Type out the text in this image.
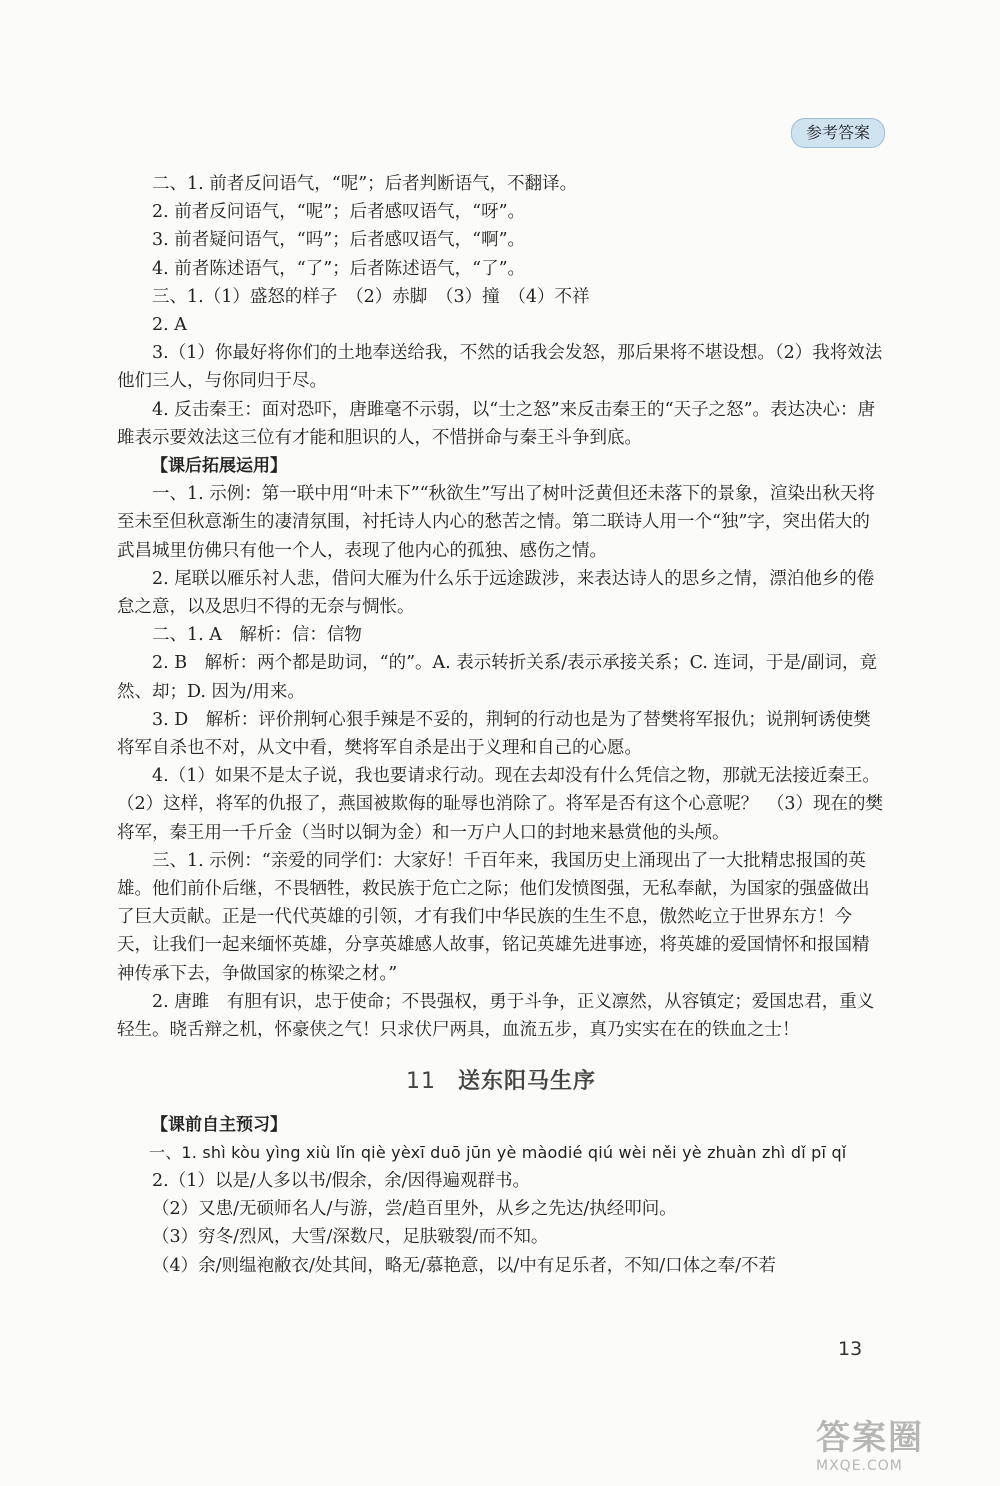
参考答案

二、1. 前者反问语气，“呢”；后者判断语气，不翻译。

2. 前者反问语气，“呢”；后者感叹语气，“呀”。

3. 前者疑问语气，“吗”；后者感叹语气，“啊”。

4. 前者陈述语气，“了”；后者陈述语气，“了”。

三、1.（1）盛怒的样子　（2）赤脚　（3）撞　（4）不祥

2. A

3.（1）你最好将你们的土地奉送给我，不然的话我会发怒，那后果将不堪设想。（2）我将效法他们三人，与你同归于尽。

4. 反击秦王：面对恐吓，唐雎毫不示弱，以“士之怒”来反击秦王的“天子之怒”。表达决心：唐雎表示要效法这三位有才能和胆识的人，不惜拼命与秦王斗争到底。

【课后拓展运用】

一、1. 示例：第一联中用“叶未下”“秋欲生”写出了树叶泛黄但还未落下的景象，渲染出秋天将至未至但秋意渐生的凄清氛围，衬托诗人内心的愁苦之情。第二联诗人用一个“独”字，突出偌大的武昌城里仿佛只有他一个人，表现了他内心的孤独、感伤之情。

2. 尾联以雁乐衬人悲，借问大雁为什么乐于远途跋涉，来表达诗人的思乡之情，漂泊他乡的倦怠之意，以及思归不得的无奈与惆怅。

二、1. A　解析：信：信物

2. B　解析：两个都是助词，“的”。A. 表示转折关系/表示承接关系；C. 连词，于是/副词，竟然、却；D. 因为/用来。

3. D　解析：评价荆轲心狠手辣是不妥的，荆轲的行动也是为了替樊将军报仇；说荆轲诱使樊将军自杀也不对，从文中看，樊将军自杀是出于义理和自己的心愿。

4.（1）如果不是太子说，我也要请求行动。现在去却没有什么凭信之物，那就无法接近秦王。　（2）这样，将军的仇报了，燕国被欺侮的耻辱也消除了。将军是否有这个心意呢？　（3）现在的樊将军，秦王用一千斤金（当时以铜为金）和一万户人口的封地来悬赏他的头颅。

三、1. 示例：“亲爱的同学们：大家好！千百年来，我国历史上涌现出了一大批精忠报国的英雄。他们前仆后继，不畏牺牲，救民族于危亡之际；他们发愤图强，无私奉献，为国家的强盛做出了巨大贡献。正是一代代英雄的引领，才有我们中华民族的生生不息，傲然屹立于世界东方！今天，让我们一起来缅怀英雄，分享英雄感人故事，铭记英雄先进事迹，将英雄的爱国情怀和报国精神传承下去，争做国家的栋梁之材。”

2. 唐雎　有胆有识，忠于使命；不畏强权，勇于斗争，正义凛然，从容镇定；爱国忠君，重义轻生。晓舌辩之机，怀豪侠之气！只求伏尸两具，血流五步，真乃实实在在的铁血之士！

11 送东阳马生序

【课前自主预习】

一、1. shì kòu yìng xiù lǐn qiè yèxī duō jūn yè màodié qiú wèi něi yè zhuàn zhì dǐ pī qǐ

2.（1）以是/人多以书/假余，余/因得遍观群书。

（2）又患/无硕师名人/与游，尝/趋百里外，从乡之先达/执经叩问。

（3）穷冬/烈风，大雪/深数尺，足肤皲裂/而不知。

（4）余/则缊袍敝衣/处其间，略无/慕艳意，以/中有足乐者，不知/口体之奉/不若

13
答案圈
MXQE.COM
